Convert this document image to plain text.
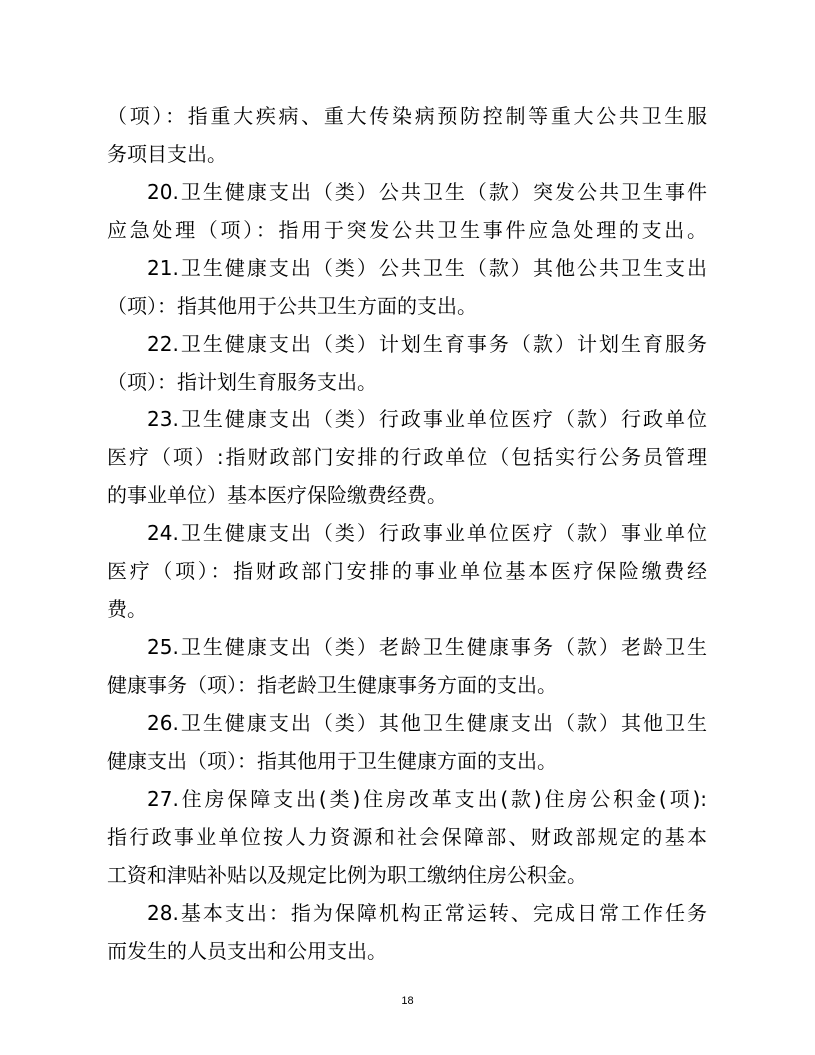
（项）：指重大疾病、重大传染病预防控制等重大公共卫生服
务项目支出。
20.卫生健康支出（类）公共卫生（款）突发公共卫生事件
应急处理（项）：指用于突发公共卫生事件应急处理的支出。
21.卫生健康支出（类）公共卫生（款）其他公共卫生支出
（项）：指其他用于公共卫生方面的支出。
22.卫生健康支出（类）计划生育事务（款）计划生育服务
（项）：指计划生育服务支出。
23.卫生健康支出（类）行政事业单位医疗（款）行政单位
医疗（项）:指财政部门安排的行政单位（包括实行公务员管理
的事业单位）基本医疗保险缴费经费。
24.卫生健康支出（类）行政事业单位医疗（款）事业单位
医疗（项）：指财政部门安排的事业单位基本医疗保险缴费经
费。
25.卫生健康支出（类）老龄卫生健康事务（款）老龄卫生
健康事务（项）：指老龄卫生健康事务方面的支出。
26.卫生健康支出（类）其他卫生健康支出（款）其他卫生
健康支出（项）：指其他用于卫生健康方面的支出。
27.住房保障支出(类)住房改革支出(款)住房公积金(项):
指行政事业单位按人力资源和社会保障部、财政部规定的基本
工资和津贴补贴以及规定比例为职工缴纳住房公积金。
28.基本支出：指为保障机构正常运转、完成日常工作任务
而发生的人员支出和公用支出。
18
